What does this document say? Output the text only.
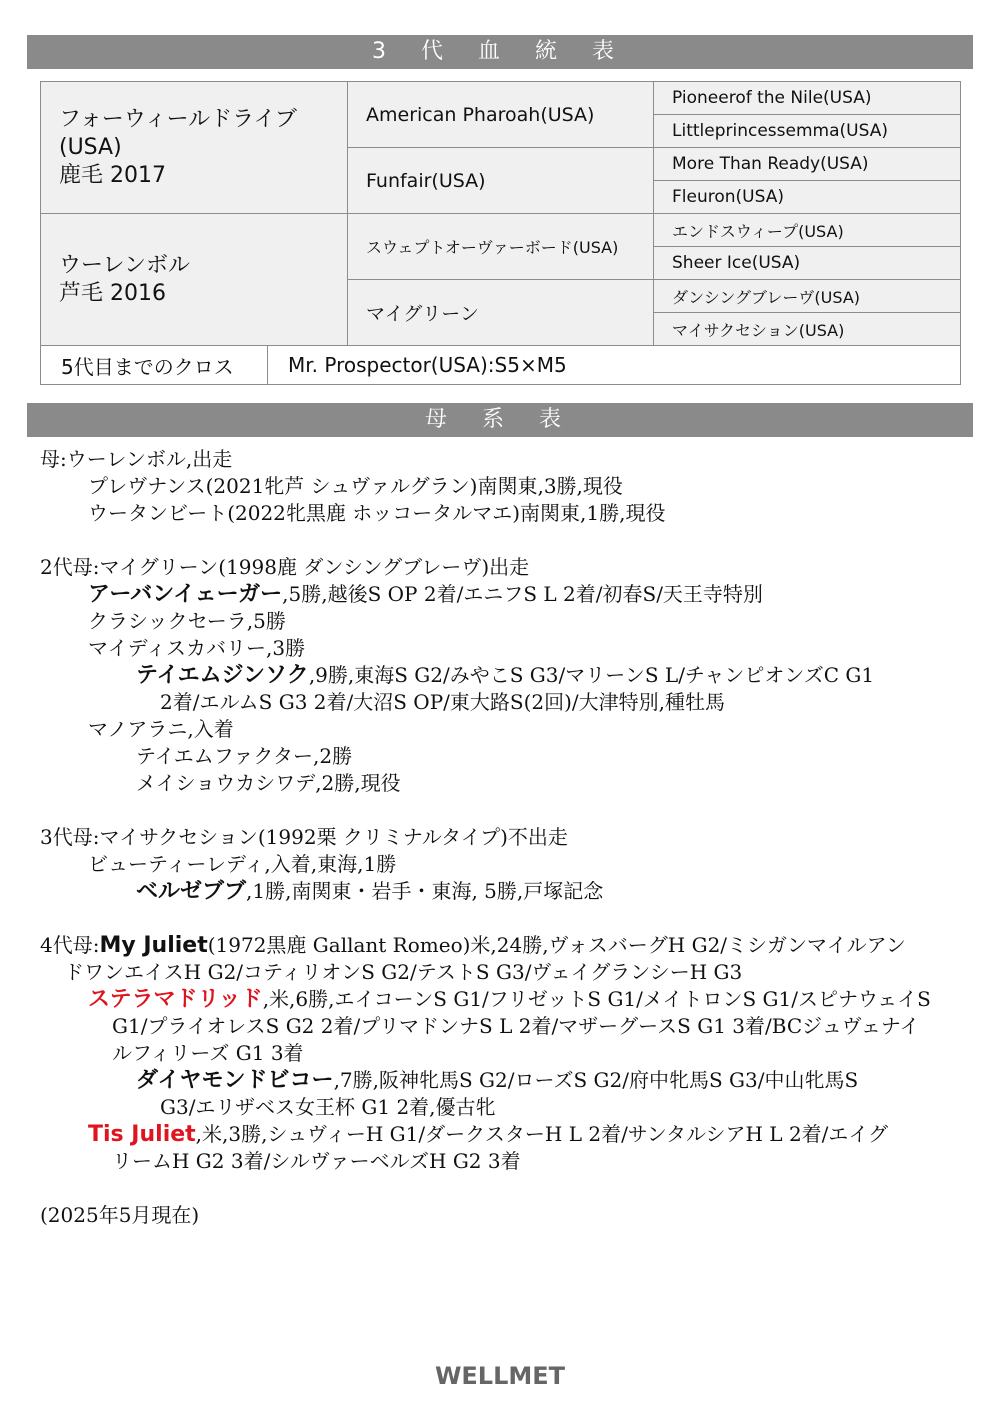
3 代 血 統 表
フォーウィールドライブ
(USA)
鹿毛 2017		American Pharoah(USA)	Pioneerof the Nile(USA)
			Littleprincessemma(USA)
		Funfair(USA)	More Than Ready(USA)
			Fleuron(USA)

ウーレンボル
芦毛 2016		スウェプトオーヴァーボード(USA)	エンドスウィープ(USA)
			Sheer Ice(USA)
		マイグリーン	ダンシングブレーヴ(USA)
			マイサクセション(USA)
5代目までのクロス	Mr. Prospector(USA):S5×M5		
母 系 表
母:ウーレンボル,出走
プレヴナンス(2021牝芦 シュヴァルグラン)南関東,3勝,現役
ウータンビート(2022牝黒鹿 ホッコータルマエ)南関東,1勝,現役
2代母:マイグリーン(1998鹿 ダンシングブレーヴ)出走
アーバンイェーガー,5勝,越後S OP 2着/エニフS L 2着/初春S/天王寺特別
クラシックセーラ,5勝
マイディスカバリー,3勝
テイエムジンソク,9勝,東海S G2/みやこS G3/マリーンS L/チャンピオンズC G1
2着/エルムS G3 2着/大沼S OP/東大路S(2回)/大津特別,種牡馬
マノアラニ,入着
テイエムファクター,2勝
メイショウカシワデ,2勝,現役
3代母:マイサクセション(1992栗 クリミナルタイプ)不出走
ビューティーレディ,入着,東海,1勝
ベルゼブブ,1勝,南関東・岩手・東海, 5勝,戸塚記念
4代母:My Juliet(1972黒鹿 Gallant Romeo)米,24勝,ヴォスバーグH G2/ミシガンマイルアン
ドワンエイスH G2/コティリオンS G2/テストS G3/ヴェイグランシーH G3
ステラマドリッド,米,6勝,エイコーンS G1/フリゼットS G1/メイトロンS G1/スピナウェイS
G1/プライオレスS G2 2着/プリマドンナS L 2着/マザーグースS G1 3着/BCジュヴェナイ
ルフィリーズ G1 3着
ダイヤモンドビコー,7勝,阪神牝馬S G2/ローズS G2/府中牝馬S G3/中山牝馬S
G3/エリザベス女王杯 G1 2着,優古牝
Tis Juliet,米,3勝,シュヴィーH G1/ダークスターH L 2着/サンタルシアH L 2着/エイグ
リームH G2 3着/シルヴァーベルズH G2 3着
(2025年5月現在)
WELLMET
